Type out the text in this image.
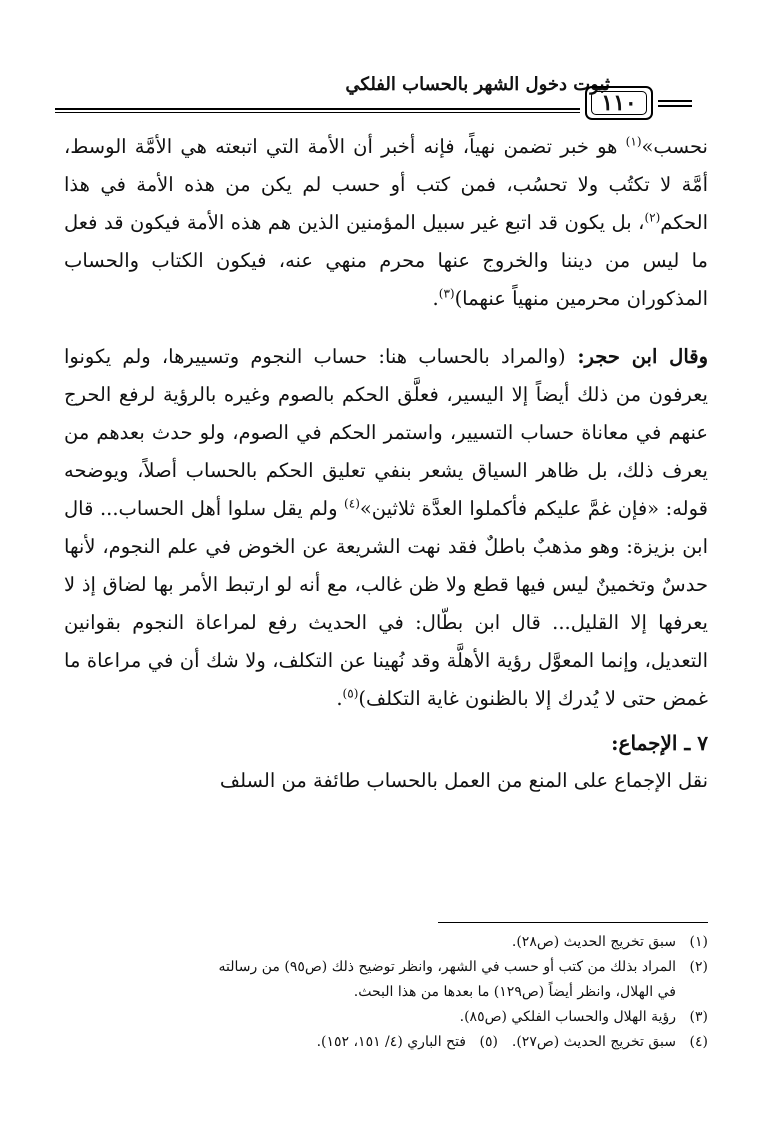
ثبوت دخول الشهر بالحساب الفلكي
١١٠

نحسب»$^{(١)}$ هو خبر تضمن نهياً، فإنه أخبر أن الأمة التي اتبعته هي الأمَّة الوسط، أمَّة لا تكتُب ولا تحسُب، فمن كتب أو حسب لم يكن من هذه الأمة في هذا الحكم$^{(٢)}$، بل يكون قد اتبع غير سبيل المؤمنين الذين هم هذه الأمة فيكون قد فعل ما ليس من ديننا والخروج عنها محرم منهي عنه، فيكون الكتاب والحساب المذكوران محرمين منهياً عنهما)$^{(٣)}$.

وقال ابن حجر: (والمراد بالحساب هنا: حساب النجوم وتسييرها، ولم يكونوا يعرفون من ذلك أيضاً إلا اليسير، فعلَّق الحكم بالصوم وغيره بالرؤية لرفع الحرج عنهم في معاناة حساب التسيير، واستمر الحكم في الصوم، ولو حدث بعدهم من يعرف ذلك، بل ظاهر السياق يشعر بنفي تعليق الحكم بالحساب أصلاً، ويوضحه قوله: «فإن غمَّ عليكم فأكملوا العدَّة ثلاثين»$^{(٤)}$ ولم يقل سلوا أهل الحساب... قال ابن بزيزة: وهو مذهبٌ باطلٌ فقد نهت الشريعة عن الخوض في علم النجوم، لأنها حدسٌ وتخمينٌ ليس فيها قطع ولا ظن غالب، مع أنه لو ارتبط الأمر بها لضاق إذ لا يعرفها إلا القليل... قال ابن بطّال: في الحديث رفع لمراعاة النجوم بقوانين التعديل، وإنما المعوَّل رؤية الأهلَّة وقد نُهينا عن التكلف، ولا شك أن في مراعاة ما غمض حتى لا يُدرك إلا بالظنون غاية التكلف)$^{(٥)}$.

٧ ـ الإجماع:

نقل الإجماع على المنع من العمل بالحساب طائفة من السلف

(١)سبق تخريج الحديث (ص٢٨).

(٢)المراد بذلك من كتب أو حسب في الشهر، وانظر توضيح ذلك (ص٩٥) من رسالته

في الهلال، وانظر أيضاً (ص١٢٩) ما بعدها من هذا البحث.

(٣)رؤية الهلال والحساب الفلكي (ص٨٥).

(٤)سبق تخريج الحديث (ص٢٧).

(٥)فتح الباري (٤/ ١٥١، ١٥٢).
